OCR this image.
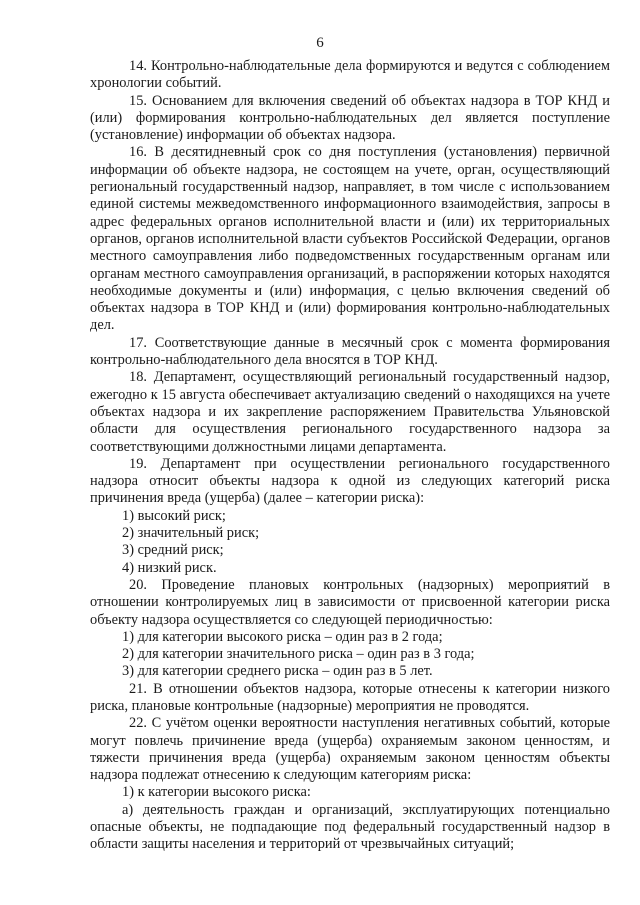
6

14. Контрольно-наблюдательные дела формируются и ведутся с соблюдением хронологии событий.

15. Основанием для включения сведений об объектах надзора в ТОР КНД и (или) формирования контрольно-наблюдательных дел является поступление (установление) информации об объектах надзора.

16. В десятидневный срок со дня поступления (установления) первичной информации об объекте надзора, не состоящем на учете, орган, осуществляющий региональный государственный надзор, направляет, в том числе с использованием единой системы межведомственного информационного взаимодействия, запросы в адрес федеральных органов исполнительной власти и (или) их территориальных органов, органов исполнительной власти субъектов Российской Федерации, органов местного самоуправления либо подведомственных государственным органам или органам местного самоуправления организаций, в распоряжении которых находятся необходимые документы и (или) информация, с целью включения сведений об объектах надзора в ТОР КНД и (или) формирования контрольно-наблюдательных дел.

17. Соответствующие данные в месячный срок с момента формирования контрольно-наблюдательного дела вносятся в ТОР КНД.

18. Департамент, осуществляющий региональный государственный надзор, ежегодно к 15 августа обеспечивает актуализацию сведений о находящихся на учете объектах надзора и их закрепление распоряжением Правительства Ульяновской области для осуществления регионального государственного надзора за соответствующими должностными лицами департамента.

19. Департамент при осуществлении регионального государственного надзора относит объекты надзора к одной из следующих категорий риска причинения вреда (ущерба) (далее – категории риска):

1) высокий риск;

2) значительный риск;

3) средний риск;

4) низкий риск.

20. Проведение плановых контрольных (надзорных) мероприятий в отношении контролируемых лиц в зависимости от присвоенной категории риска объекту надзора осуществляется со следующей периодичностью:

1) для категории высокого риска – один раз в 2 года;

2) для категории значительного риска – один раз в 3 года;

3) для категории среднего риска – один раз в 5 лет.

21. В отношении объектов надзора, которые отнесены к категории низкого риска, плановые контрольные (надзорные) мероприятия не проводятся.

22. С учётом оценки вероятности наступления негативных событий, которые могут повлечь причинение вреда (ущерба) охраняемым законом ценностям, и тяжести причинения вреда (ущерба) охраняемым законом ценностям объекты надзора подлежат отнесению к следующим категориям риска:

1) к категории высокого риска:

а) деятельность граждан и организаций, эксплуатирующих потенциально опасные объекты, не подпадающие под федеральный государственный надзор в области защиты населения и территорий от чрезвычайных ситуаций;
